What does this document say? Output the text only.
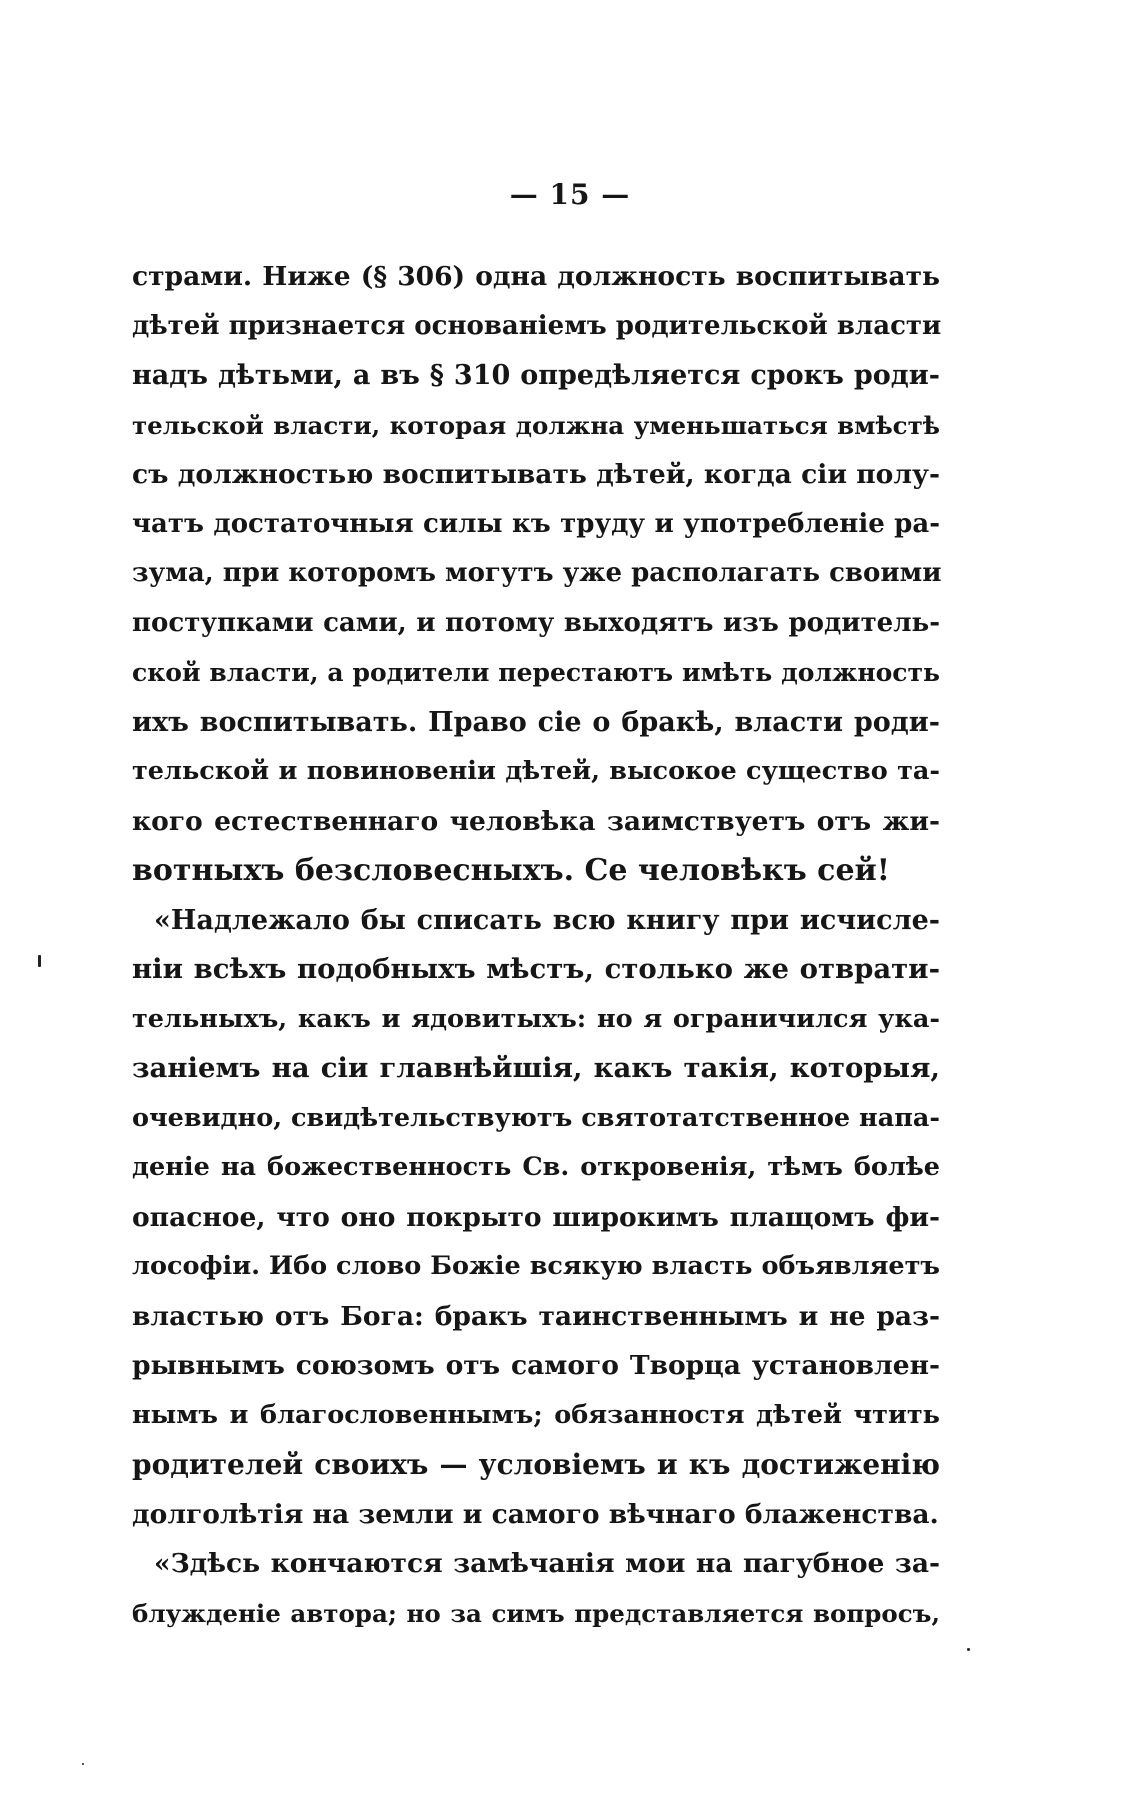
— 15 —
страми. Ниже (§ 306) одна должность воспитывать
дѣтей признается основаніемъ родительской власти
надъ дѣтьми, а въ § 310 опредѣляется срокъ роди-
тельской власти, которая должна уменьшаться вмѣстѣ
съ должностью воспитывать дѣтей, когда сіи полу-
чатъ достаточныя силы къ труду и употребленіе ра-
зума, при которомъ могутъ уже располагать своими
поступками сами, и потому выходятъ изъ родитель-
ской власти, а родители перестаютъ имѣть должность
ихъ воспитывать. Право сіе о бракѣ, власти роди-
тельской и повиновеніи дѣтей, высокое существо та-
кого естественнаго человѣка заимствуетъ отъ жи-
вотныхъ безсловесныхъ. Се человѣкъ сей!
«Надлежало бы списать всю книгу при исчисле-
ніи всѣхъ подобныхъ мѣстъ, столько же отврати-
тельныхъ, какъ и ядовитыхъ: но я ограничился ука-
заніемъ на сіи главнѣйшія, какъ такія, которыя,
очевидно, свидѣтельствуютъ святотатственное напа-
деніе на божественность Св. откровенія, тѣмъ болѣе
опасное, что оно покрыто широкимъ плащомъ фи-
лософіи. Ибо слово Божіе всякую власть объявляетъ
властью отъ Бога: бракъ таинственнымъ и не раз-
рывнымъ союзомъ отъ самого Творца установлен-
нымъ и благословеннымъ; обязанностя дѣтей чтить
родителей своихъ — условіемъ и къ достиженію
долголѣтія на земли и самого вѣчнаго блаженства.
«Здѣсь кончаются замѣчанія мои на пагубное за-
блужденіе автора; но за симъ представляется вопросъ,
